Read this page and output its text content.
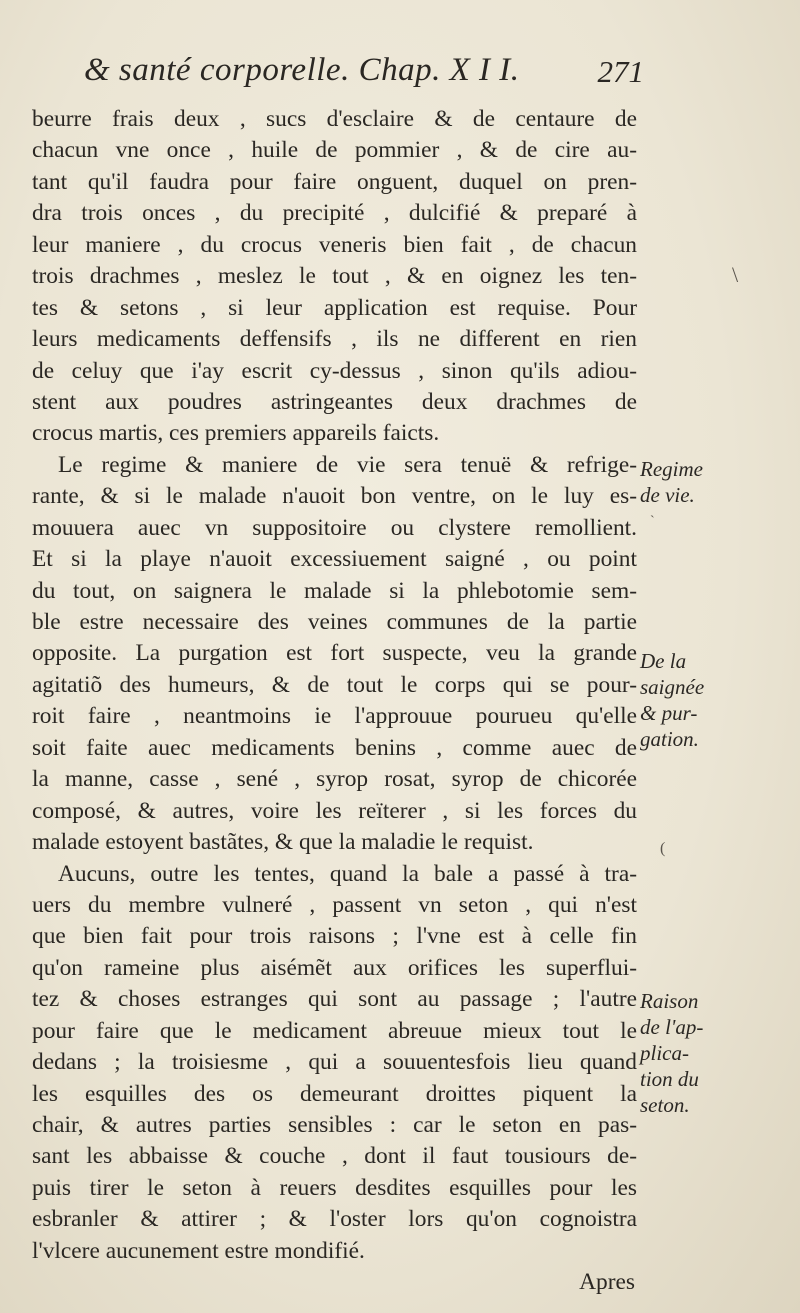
& santé corporelle. Chap. X I I.	271
beurre frais deux , sucs d'esclaire & de centaure de
chacun vne once , huile de pommier , & de cire au-
tant qu'il faudra pour faire onguent, duquel on pren-
dra trois onces , du precipité , dulcifié & preparé à
leur maniere , du crocus veneris bien fait , de chacun
trois drachmes , meslez le tout , & en oignez les ten-
tes & setons , si leur application est requise. Pour
leurs medicaments deffensifs , ils ne different en rien
de celuy que i'ay escrit cy-dessus , sinon qu'ils adiou-
stent aux poudres astringeantes deux drachmes de
crocus martis, ces premiers appareils faicts.
Le regime & maniere de vie sera tenuë & refrige-
rante, & si le malade n'auoit bon ventre, on le luy es-
mouuera auec vn suppositoire ou clystere remollient.
Et si la playe n'auoit excessiuement saigné , ou point
du tout, on saignera le malade si la phlebotomie sem-
ble estre necessaire des veines communes de la partie
opposite. La purgation est fort suspecte, veu la grande
agitatiõ des humeurs, & de tout le corps qui se pour-
roit faire , neantmoins ie l'approuue pourueu qu'elle
soit faite auec medicaments benins , comme auec de
la manne, casse , sené , syrop rosat, syrop de chicorée
composé, & autres, voire les reïterer , si les forces du
malade estoyent bastãtes, & que la maladie le requist.
Aucuns, outre les tentes, quand la bale a passé à tra-
uers du membre vulneré , passent vn seton , qui n'est
que bien fait pour trois raisons ; l'vne est à celle fin
qu'on rameine plus aisémẽt aux orifices les superflui-
tez & choses estranges qui sont au passage ; l'autre
pour faire que le medicament abreuue mieux tout le
dedans ; la troisiesme , qui a souuentesfois lieu quand
les esquilles des os demeurant droittes piquent la
chair, & autres parties sensibles : car le seton en pas-
sant les abbaisse & couche , dont il faut tousiours de-
puis tirer le seton à reuers desdites esquilles pour les
esbranler & attirer ; & l'oster lors qu'on cognoistra
l'vlcere aucunement estre mondifié.
Apres
Regime
de vie.
De la
saignée
& pur-
gation.
Raison
de l'ap-
plica-
tion du
seton.
\
`
(
